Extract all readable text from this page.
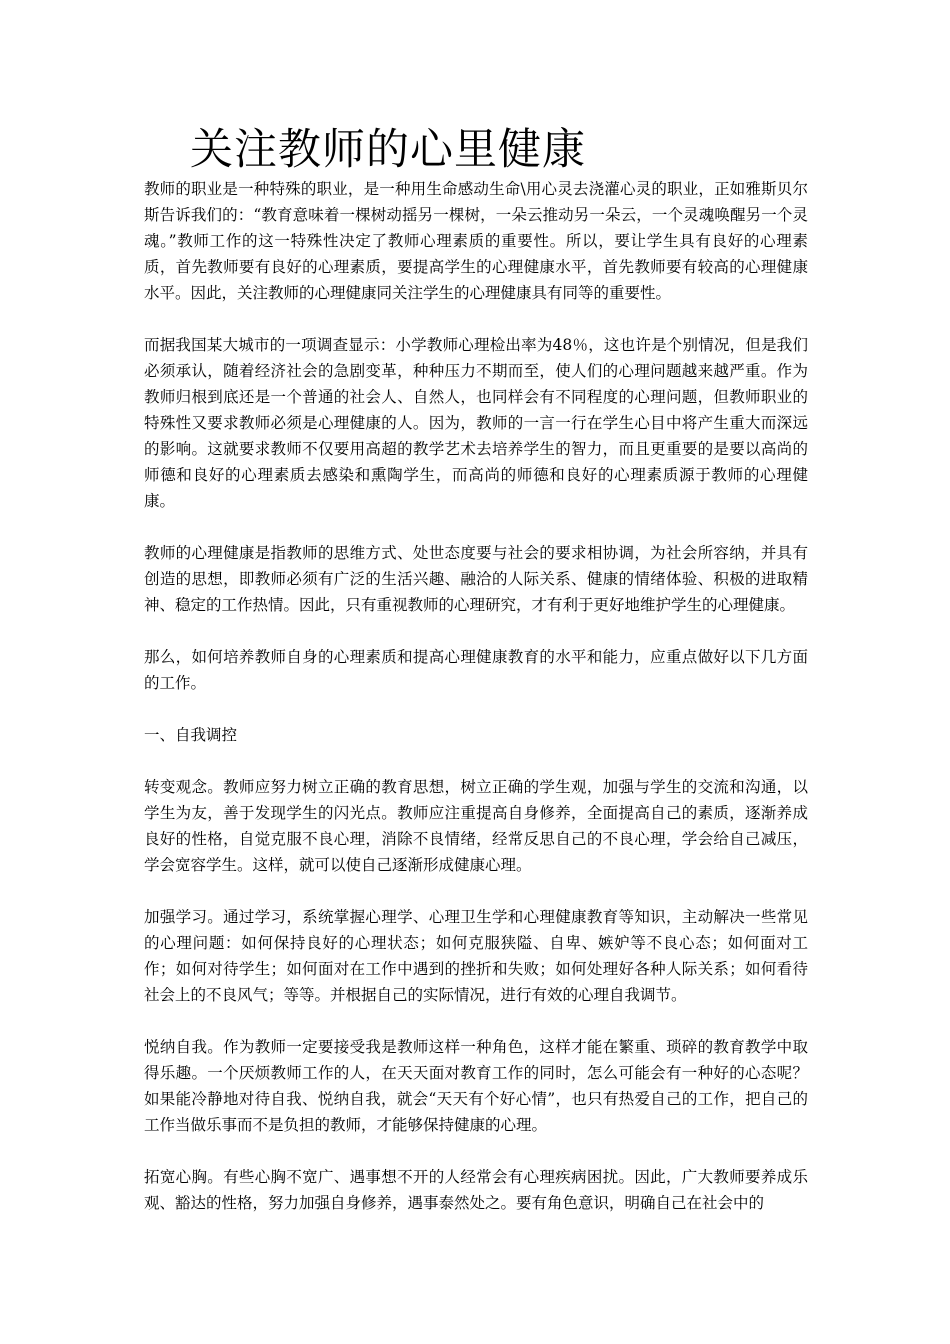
关注教师的心里健康

教师的职业是一种特殊的职业，是一种用生命感动生命\用心灵去浇灌心灵的职业，正如雅斯贝尔斯告诉我们的：“教育意味着一棵树动摇另一棵树，一朵云推动另一朵云，一个灵魂唤醒另一个灵魂。”教师工作的这一特殊性决定了教师心理素质的重要性。所以，要让学生具有良好的心理素质，首先教师要有良好的心理素质，要提高学生的心理健康水平，首先教师要有较高的心理健康水平。因此，关注教师的心理健康同关注学生的心理健康具有同等的重要性。

而据我国某大城市的一项调查显示：小学教师心理检出率为48％，这也许是个别情况，但是我们必须承认，随着经济社会的急剧变革，种种压力不期而至，使人们的心理问题越来越严重。作为教师归根到底还是一个普通的社会人、自然人，也同样会有不同程度的心理问题，但教师职业的特殊性又要求教师必须是心理健康的人。因为，教师的一言一行在学生心目中将产生重大而深远的影响。这就要求教师不仅要用高超的教学艺术去培养学生的智力，而且更重要的是要以高尚的师德和良好的心理素质去感染和熏陶学生，而高尚的师德和良好的心理素质源于教师的心理健康。

教师的心理健康是指教师的思维方式、处世态度要与社会的要求相协调，为社会所容纳，并具有创造的思想，即教师必须有广泛的生活兴趣、融洽的人际关系、健康的情绪体验、积极的进取精神、稳定的工作热情。因此，只有重视教师的心理研究，才有利于更好地维护学生的心理健康。

那么，如何培养教师自身的心理素质和提高心理健康教育的水平和能力，应重点做好以下几方面的工作。

一、自我调控

转变观念。教师应努力树立正确的教育思想，树立正确的学生观，加强与学生的交流和沟通，以学生为友，善于发现学生的闪光点。教师应注重提高自身修养，全面提高自己的素质，逐渐养成良好的性格，自觉克服不良心理，消除不良情绪，经常反思自己的不良心理，学会给自己减压，学会宽容学生。这样，就可以使自己逐渐形成健康心理。

加强学习。通过学习，系统掌握心理学、心理卫生学和心理健康教育等知识，主动解决一些常见的心理问题：如何保持良好的心理状态；如何克服狭隘、自卑、嫉妒等不良心态；如何面对工作；如何对待学生；如何面对在工作中遇到的挫折和失败；如何处理好各种人际关系；如何看待社会上的不良风气；等等。并根据自己的实际情况，进行有效的心理自我调节。

悦纳自我。作为教师一定要接受我是教师这样一种角色，这样才能在繁重、琐碎的教育教学中取得乐趣。一个厌烦教师工作的人，在天天面对教育工作的同时，怎么可能会有一种好的心态呢？如果能冷静地对待自我、悦纳自我，就会“天天有个好心情”，也只有热爱自己的工作，把自己的工作当做乐事而不是负担的教师，才能够保持健康的心理。

拓宽心胸。有些心胸不宽广、遇事想不开的人经常会有心理疾病困扰。因此，广大教师要养成乐观、豁达的性格，努力加强自身修养，遇事泰然处之。要有角色意识，明确自己在社会中的
